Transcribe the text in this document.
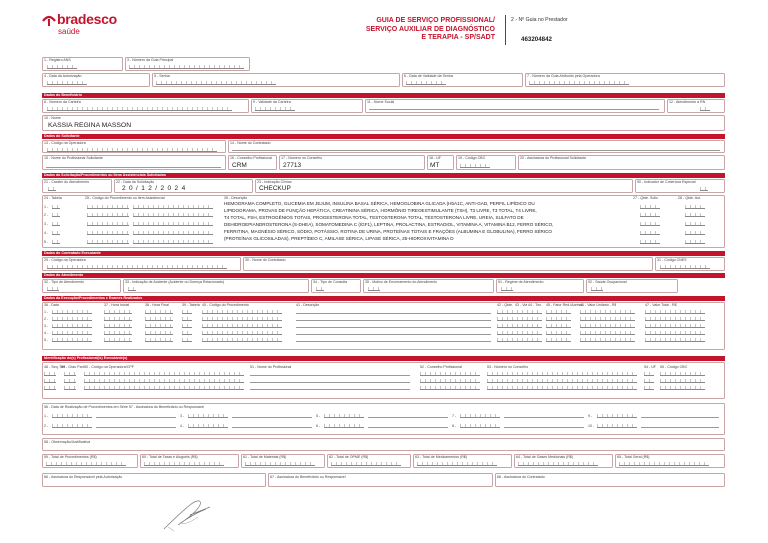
bradesco
saúde
GUIA DE SERVIÇO PROFISSIONAL/
SERVIÇO AUXILIAR DE DIAGNÓSTICO
E TERAPIA - SP/SADT
2 - Nº Guia no Prestador
463204842
1 - Registro ANS	3 - Número da Guia Principal
4 - Data da Autorização	5 - Senha	6 - Data de Validade da Senha	7 - Número da Guia Atribuído pela Operadora
Dados do Beneficiário
8 - Número da Carteira	9 - Validade da Carteira	11 - Nome Social	12 - Atendimento a RN
10 - Nome
KASSIA REGINA MASSON
Dados do Solicitante
13 - Código na Operadora	14 - Nome do Contratado
15 - Nome do Profissional Solicitante	16 - Conselho Profissional
CRM
17 - Número no Conselho
27713
18 - UF
MT
19 - Código CBO	20 - Assinatura do Profissional Solicitante
Dados da Solicitação/Procedimentos ou Itens Assistenciais Solicitados
21 - Caráter do Atendimento	22 - Data da Solicitação
2 0 / 1 2 / 2 0 2 4
23 - Indicação Clínica
CHECKUP
90 - Indicador de Cobertura Especial
24 - Tabela	25 - Código do Procedimento ou Item Assistencial	26 - Descrição	27 - Qtde. Solic.	28 - Qtde. Aut.
1 -
2 -
3 -
4 -
5 -
HEMOGRAMA COMPLETO, GLICEMIA EM JEJUM, INSULINA BASAL SÉRICA, HEMOGLOBINA GLICADA (HbA1C, ANTI-GAD, PERFIL LIPÍDICO OU
LIPIDOGRAMA, PROVAS DE FUNÇÃO HEPÁTICA, CREATININA SÉRICA, HORMÔNIO TIREOESTIMULANTE (TSH), T3 LIVRE, T3 TOTAL, T4 LIVRE,
T4 TOTAL, FSH, ESTROGÊNIOS TOTAIS, PROGESTERONA TOTAL, TESTOSTERONA TOTAL, TESTOSTERONA LIVRE, UREIA, SULFATO DE
DEHIDROEPIANDROSTERONA (S-DHEA), SOMATOMEDINA C (IGF1), LEPTINA, PROLACTINA, ESTRADIOL, VITAMINA A, VITAMINA B12, FERRO SÉRICO,
FERRITINA, MAGNÉSIO SÉRICO, SÓDIO, POTÁSSIO, ROTINA DE URINA, PROTEÍNAS TOTAIS E FRAÇÕES (ALBUMINA E GLOBULINA), FERRO SÉRICO
(PROTEÍNAS GLICOSILADAS), PREPTÍDEO C, AMILASE SÉRICA, LIPASE SÉRICA, 25-HIDROXIVITAMINA D
Dados do Contratado Executante
29 - Código na Operadora	30 - Nome do Contratado	31 - Código CNES
Dados do Atendimento
32 - Tipo de Atendimento	33 - Indicação de Acidente (Acidente ou Doença Relacionado)	34 - Tipo de Consulta	35 - Motivo de Encerramento do Atendimento	91 - Regime de Atendimento	92 - Saúde Ocupacional
Dados da Execução/Procedimentos e Exames Realizados
36 - Data	37 - Hora Inicial	38 - Hora Final	39 - Tabela 40 - Código do Procedimento	41 - Descrição	42 - Qtde. 43 - Via 44 - Téc. 45 - Fator Red./Acrésc.
46 - Valor Unitário - R$	47 - Valor Total - R$
1 -
2 -
3 -
4 -
5 -
Identificação do(s) Profissional(is) Executante(s)
48 - Seq. Ref
49 - Grau Part. 50 - Código na Operadora/CPF	51 - Nome do Profissional	52 - Conselho Profissional	53 - Número no Conselho	54 - UF 55 - Código CBO
56 - Data de Realização de Procedimentos em Série 57 - Assinatura do Beneficiário ou Responsável
1 -
2 -
3 -
4 -
5 -
6 -
7 -
8 -
9 -
10 -
58 - Observação/Justificativa
59 - Total de Procedimentos (R$)	60 - Total de Taxas e Aluguéis (R$)	61 - Total de Materiais (R$)	62 - Total de OPME (R$)	63 - Total de Medicamentos (R$)	64 - Total de Gases Medicinais (R$)	65 - Total Geral (R$)
66 - Assinatura do Responsável pela Autorização	67 - Assinatura do Beneficiário ou Responsável	68 - Assinatura do Contratado
